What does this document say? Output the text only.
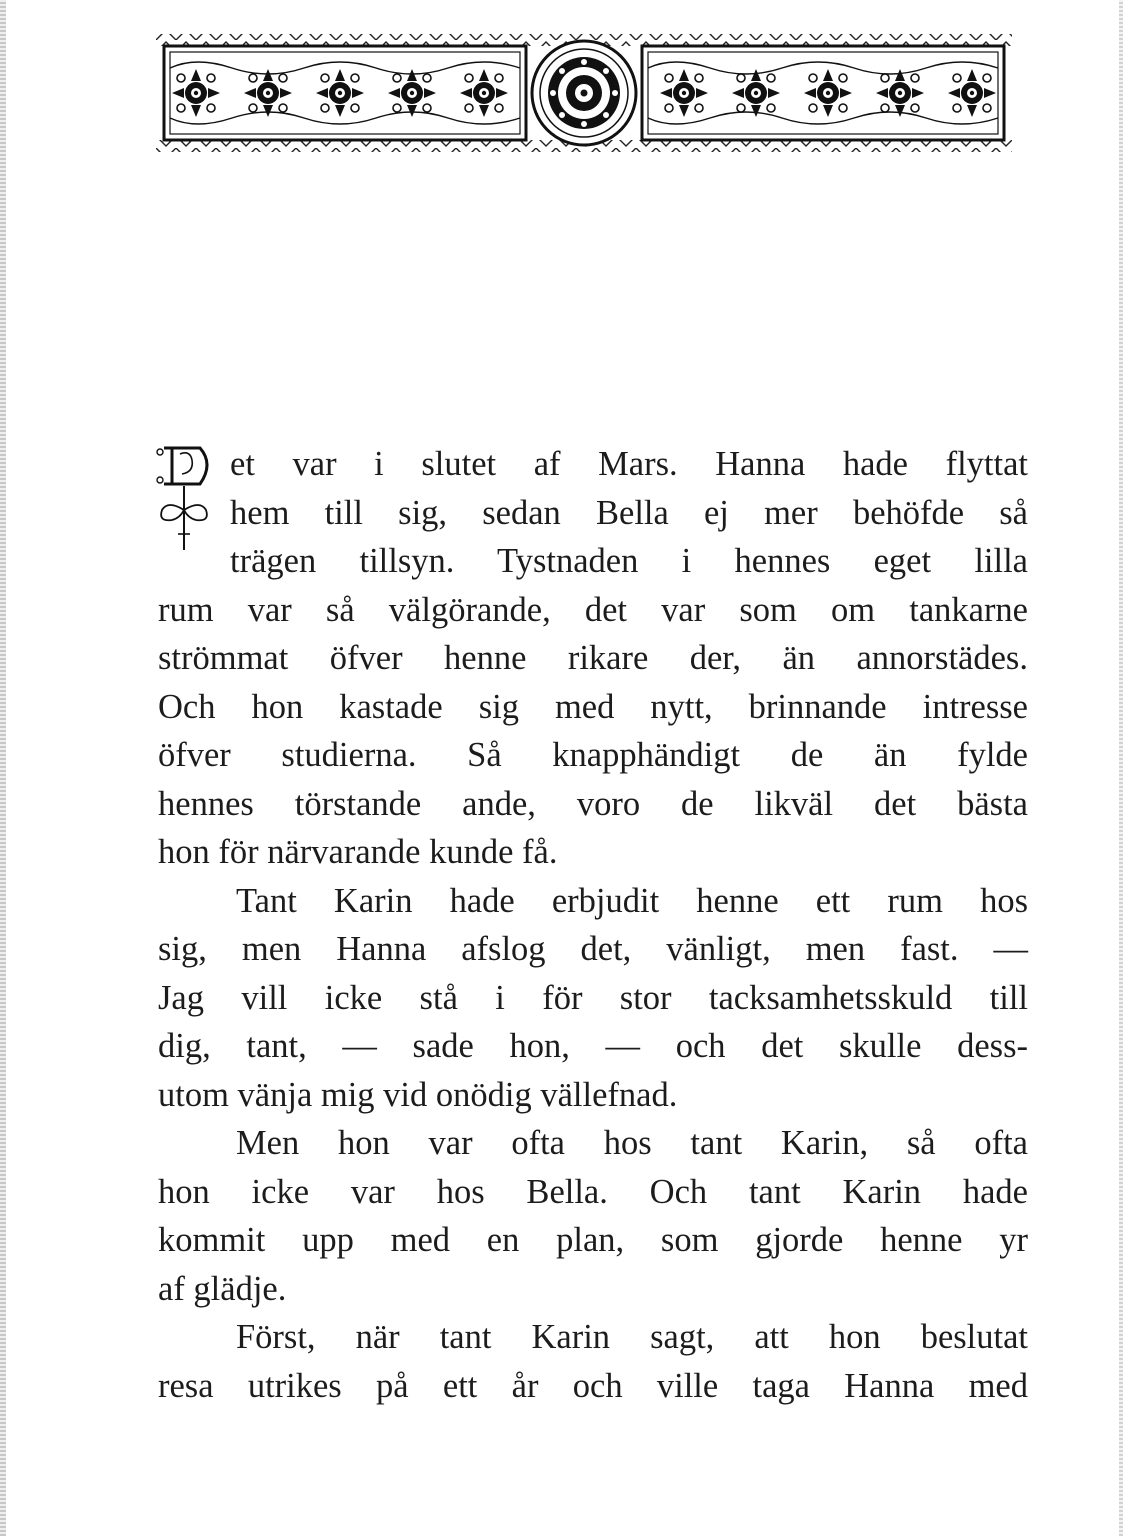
et var i slutet af Mars. Hanna hade flyttat
hem till sig, sedan Bella ej mer behöfde så
trägen tillsyn. Tystnaden i hennes eget lilla
rum var så välgörande, det var som om tankarne
strömmat öfver henne rikare der, än annorstädes.
Och hon kastade sig med nytt, brinnande intresse
öfver studierna. Så knapphändigt de än fylde
hennes törstande ande, voro de likväl det bästa
hon för närvarande kunde få.
Tant Karin hade erbjudit henne ett rum hos
sig, men Hanna afslog det, vänligt, men fast. —
Jag vill icke stå i för stor tacksamhetsskuld till
dig, tant, — sade hon, — och det skulle dess-
utom vänja mig vid onödig vällefnad.
Men hon var ofta hos tant Karin, så ofta
hon icke var hos Bella. Och tant Karin hade
kommit upp med en plan, som gjorde henne yr
af glädje.
Först, när tant Karin sagt, att hon beslutat
resa utrikes på ett år och ville taga Hanna med
